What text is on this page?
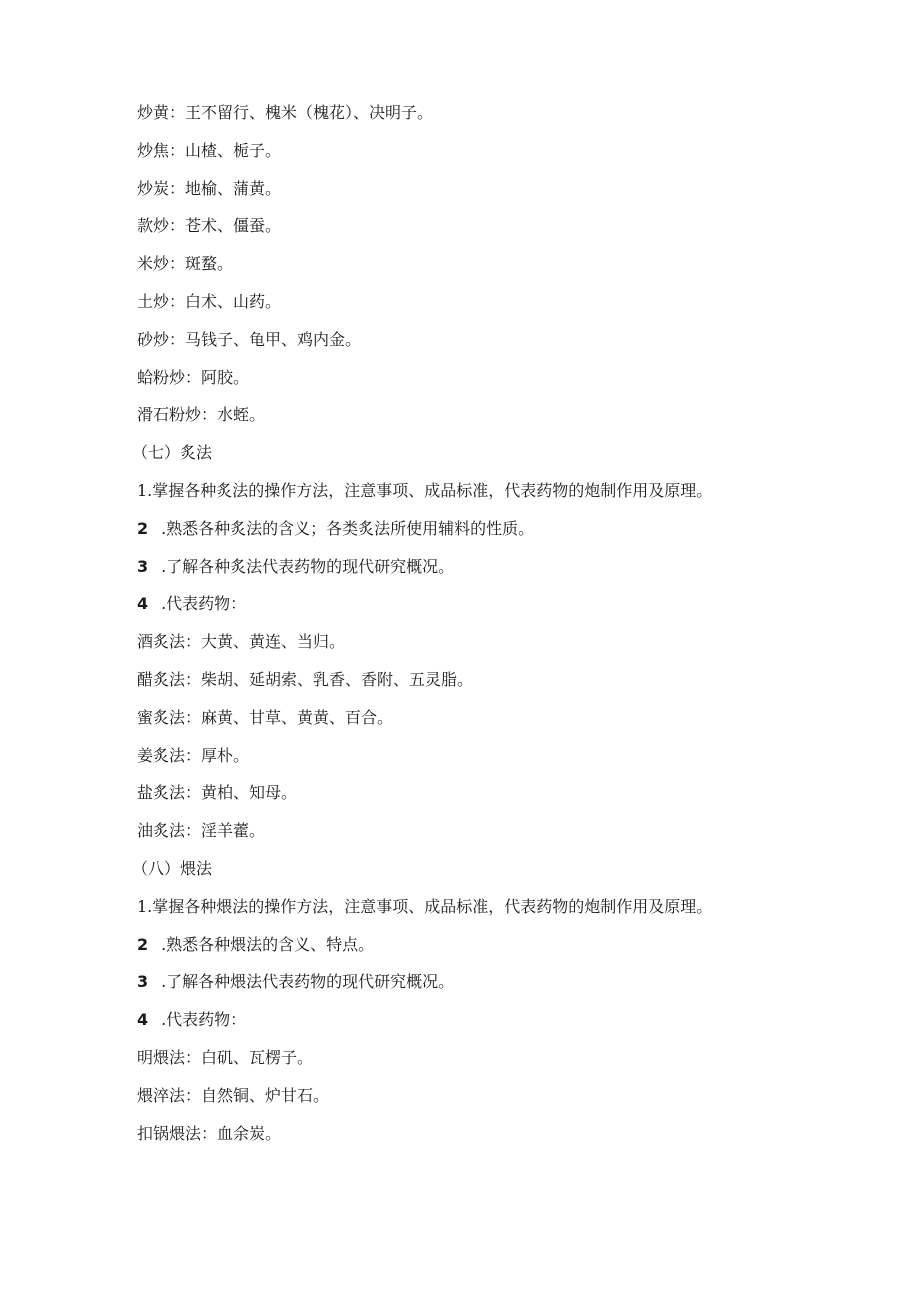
炒黄：王不留行、槐米（槐花）、决明子。
炒焦：山楂、栀子。
炒炭：地榆、蒲黄。
款炒：苍术、僵蚕。
米炒：斑蝥。
土炒：白术、山药。
砂炒：马钱子、龟甲、鸡内金。
蛤粉炒：阿胶。
滑石粉炒：水蛭。
（七）炙法
1.掌握各种炙法的操作方法，注意事项、成品标准，代表药物的炮制作用及原理。
2 .熟悉各种炙法的含义；各类炙法所使用辅料的性质。
3 .了解各种炙法代表药物的现代研究概况。
4 .代表药物：
酒炙法：大黄、黄连、当归。
醋炙法：柴胡、延胡索、乳香、香附、五灵脂。
蜜炙法：麻黄、甘草、黄黄、百合。
姜炙法：厚朴。
盐炙法：黄柏、知母。
油炙法：淫羊藿。
（八）煨法
1.掌握各种煨法的操作方法，注意事项、成品标准，代表药物的炮制作用及原理。
2 .熟悉各种煨法的含义、特点。
3 .了解各种煨法代表药物的现代研究概况。
4 .代表药物：
明煨法：白矶、瓦楞子。
煨淬法：自然铜、炉甘石。
扣锅煨法：血余炭。
